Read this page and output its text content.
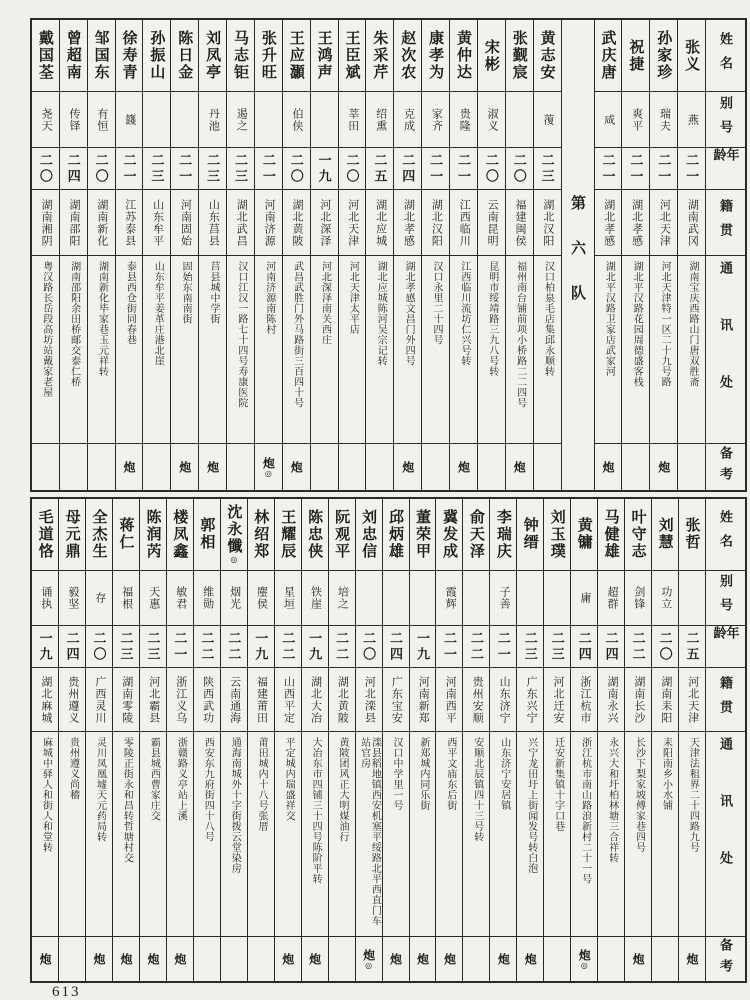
姓名
别号
年龄
籍贯
通讯处
备考
张义
燕
二一
湖南武冈
湖南宝庆西路山门唐双胜斋
孙家珍
瑞夫
二一
河北天津
河北天津特一区二十九号路
炮
祝捷
爽平
二一
湖北孝感
湖北平汉路花园周德盛客栈
武庆唐
咸
二一
湖北孝感
湖北平汉路卫家店武家河
炮
第六队
黄志安
蕧
二三
湖北汉阳
汉口柏泉毛店集邱永顺转
张觐宸
二〇
福建闽侯
福州南台铺前项小桥路二二四号
炮
宋彬
淑义
二〇
云南昆明
昆明市绥靖路三九八号转
黄仲达
贵隆
二一
江西临川
江西临川流坊仁兴号转
炮
康孝为
家齐
二一
湖北汉阳
汉口永里二十四号
赵次农
克成
二四
湖北孝感
湖北孝感文昌门外四号
炮
朱采芹
绍熏
二五
湖北应城
湖北应城陈河吴宗记转
王臣斌
莘田
二〇
河北天津
河北天津太平店
王鸿声
一九
河北深泽
河北深泽南关西庄
王应灝
伯侠
二〇
湖北黄陂
武昌武胜门外马路街三百四十号
炮
张升旺
二一
河南济源
河南济源南陈村
炮
◎
马志钜
遏之
二三
湖北武昌
汉口江汉一路七十四号寿康医院
刘凤亭
丹池
二三
山东莒县
莒县城中学街
炮
陈日金
二一
河南固始
固始东南南街
炮
孙振山
二三
山东牟平
山东牟平姜革庄港北崖
徐寿青
籛
二一
江苏泰县
泰县西仓街同春巷
炮
邹国东
有恒
二〇
湖南新化
湖南新化毕家巷玉元祥转
曾超南
传铎
二四
湖南邵阳
湖南邵阳余田桥邮交泰仁桥
戴国荃
尧天
二〇
湖南湘阴
粤汉路长岳段高坊站戴家老屋
姓名
别号
年龄
籍贯
通讯处
备考
张哲
二五
河北天津
天津法租界二十四路九号
炮
刘慧
功立
二〇
湖南耒阳
耒阳南乡小水铺
叶守志
剑锋
二二
湖南长沙
长沙下梨家坡傅家巷四号
炮
马健雄
超群
二四
湖南永兴
永兴大和圩柏林塘三合祥转
黄镛
庸
二四
浙江杭市
浙江杭市南山路浪新村二十一号
炮
◎
刘玉璞
二三
河北迁安
迁安新集镇十字口巷
钟缙
二三
广东兴宁
兴宁龙田圩上街闻发号转白泡
炮
李瑞庆
子善
二一
山东济宁
山东济宁安居镇
炮
俞天泽
二二
贵州安顺
安顺北辰镇四十三号转
冀发成
霞辉
二一
河南西平
西平文庙东后街
炮
董荣甲
一九
河南新郑
新郑城内同乐街
炮
邱炳雄
二四
广东宝安
汉口中学里一号
炮
刘忠信
二〇
河北滦县
滦县稻地镇西安机塞平绥路北平西直门车站官房
炮
◎
阮观平
培之
二二
湖北黄陂
黄陂团风正大明煤油行
陈忠侠
铁崖
一九
湖北大冶
大冶东市四铺三十四号陈阶平转
炮
王耀辰
星垣
二二
山西平定
平定城内瑞盛祥交
炮
林绍郑
麈侯
一九
福建莆田
莆田城内十八号张厝
沈永懺
◎
烟光
二二
云南通海
通海南城外十字街拨云堂染房
郭相
维勋
二二
陕西武功
西安东九府街四十八号
楼凤鑫
敏君
二一
浙江义乌
浙赣路义亭站上溪
炮
陈润芮
天惠
二三
河北霸县
霸县城西曹家庄交
炮
蒋仁
福根
二三
湖南零陵
零陵正街永和昌转哲塘村交
炮
全杰生
存
二〇
广西灵川
灵川凤凰墟天元药局转
炮
母元鼎
毅坚
二四
贵州遵义
贵州遵义尚稽
毛道恪
诵执
一九
湖北麻城
麻城中驿人和街人和堂转
炮
613
